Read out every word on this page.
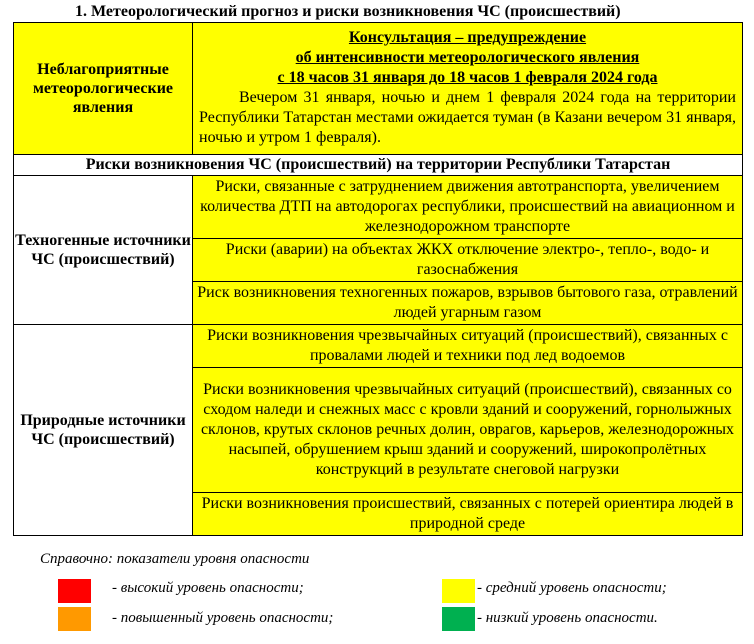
1. Метеорологический прогноз и риски возникновения ЧС (происшествий)
Неблагоприятные метеорологические явления	Консультация – предупреждение
об интенсивности метеорологического явления
с 18 часов 31 января до 18 часов 1 февраля 2024 года
Вечером 31 января, ночью и днем 1 февраля 2024 года на территории Республики Татарстан местами ожидается туман (в Казани вечером 31 января, ночью и утром 1 февраля).

Риски возникновения ЧС (происшествий) на территории Республики Татарстан	
Техногенные источники ЧС (происшествий)	Риски, связанные с затруднением движения автотранспорта, увеличением количества ДТП на автодорогах республики, происшествий на авиационном и железнодорожном транспорте
	Риски (аварии) на объектах ЖКХ отключение электро-, тепло-, водо- и газоснабжения
	Риск возникновения техногенных пожаров, взрывов бытового газа, отравлений людей угарным газом
Природные источники ЧС (происшествий)	Риски возникновения чрезвычайных ситуаций (происшествий), связанных с провалами людей и техники под лед водоемов
	Риски возникновения чрезвычайных ситуаций (происшествий), связанных со сходом наледи и снежных масс с кровли зданий и сооружений, горнолыжных склонов, крутых склонов речных долин, оврагов, карьеров, железнодорожных насыпей, обрушением крыш зданий и сооружений, широкопролётных конструкций в результате снеговой нагрузки
	Риски возникновения происшествий, связанных с потерей ориентира людей в природной среде
Справочно: показатели уровня опасности
- высокий уровень опасности;
- повышенный уровень опасности;
- средний уровень опасности;
- низкий уровень опасности.
